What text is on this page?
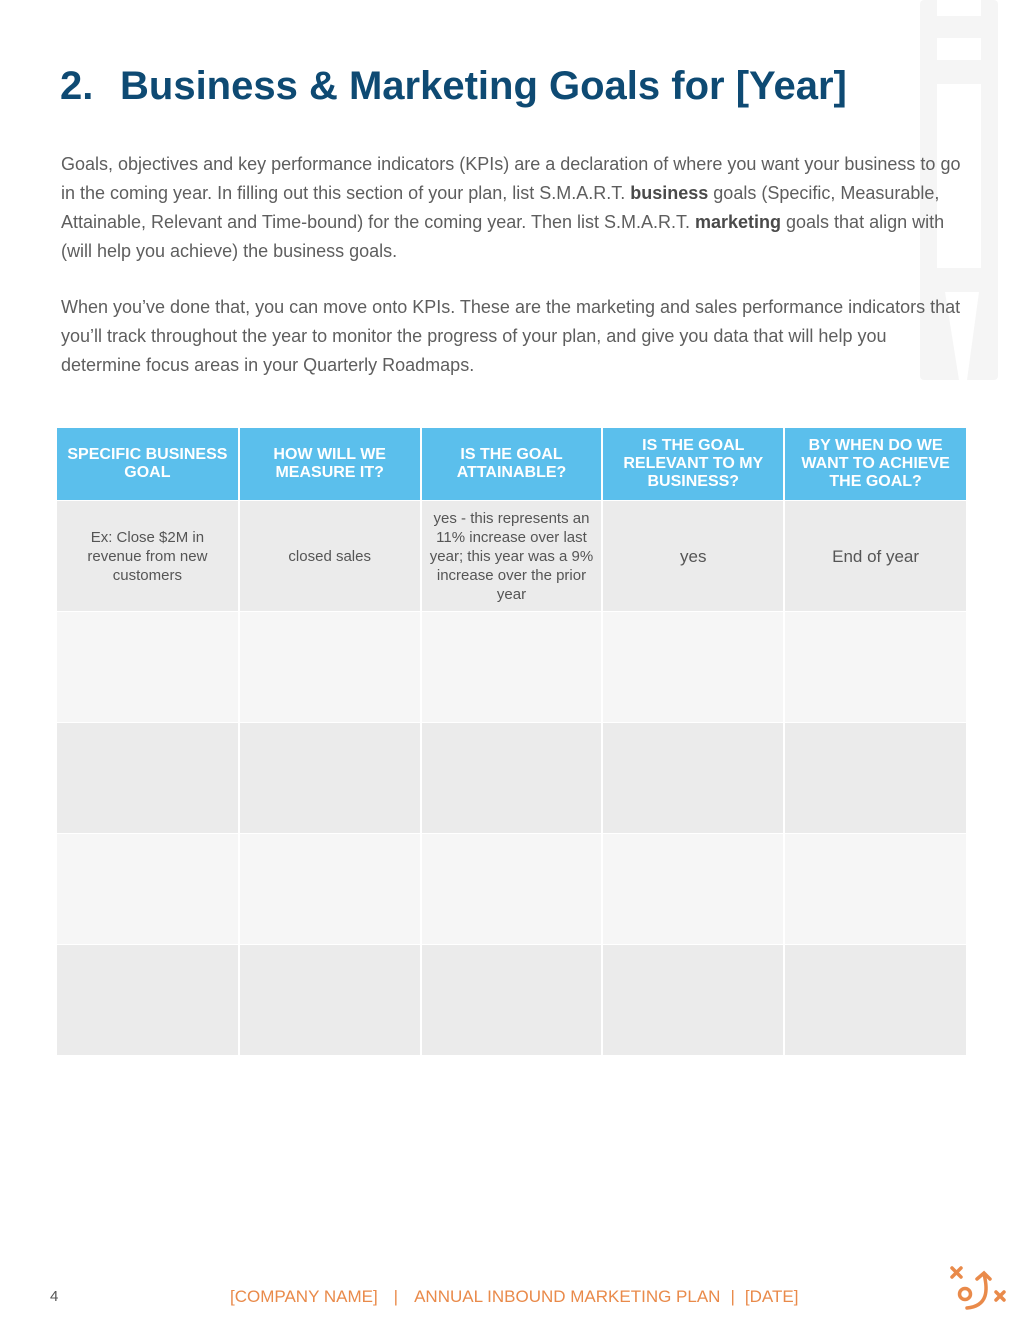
2. Business & Marketing Goals for [Year]

Goals, objectives and key performance indicators (KPIs) are a declaration of where you want your business to go in the coming year. In filling out this section of your plan, list S.M.A.R.T. business goals (Specific, Measurable, Attainable, Relevant and Time-bound) for the coming year. Then list S.M.A.R.T. marketing goals that align with (will help you achieve) the business goals.

When you’ve done that, you can move onto KPIs. These are the marketing and sales performance indicators that you’ll track throughout the year to monitor the progress of your plan, and give you data that will help you determine focus areas in your Quarterly Roadmaps.

SPECIFIC BUSINESS GOAL	HOW WILL WE MEASURE IT?	IS THE GOAL ATTAINABLE?	IS THE GOAL RELEVANT TO MY BUSINESS?	BY WHEN DO WE WANT TO ACHIEVE THE GOAL?
Ex: Close $2M in revenue from new customers	closed sales	yes - this represents an 11% increase over last year; this year was a 9% increase over the prior year	yes	End of year

4	[COMPANY NAME] | ANNUAL INBOUND MARKETING PLAN | [DATE]
